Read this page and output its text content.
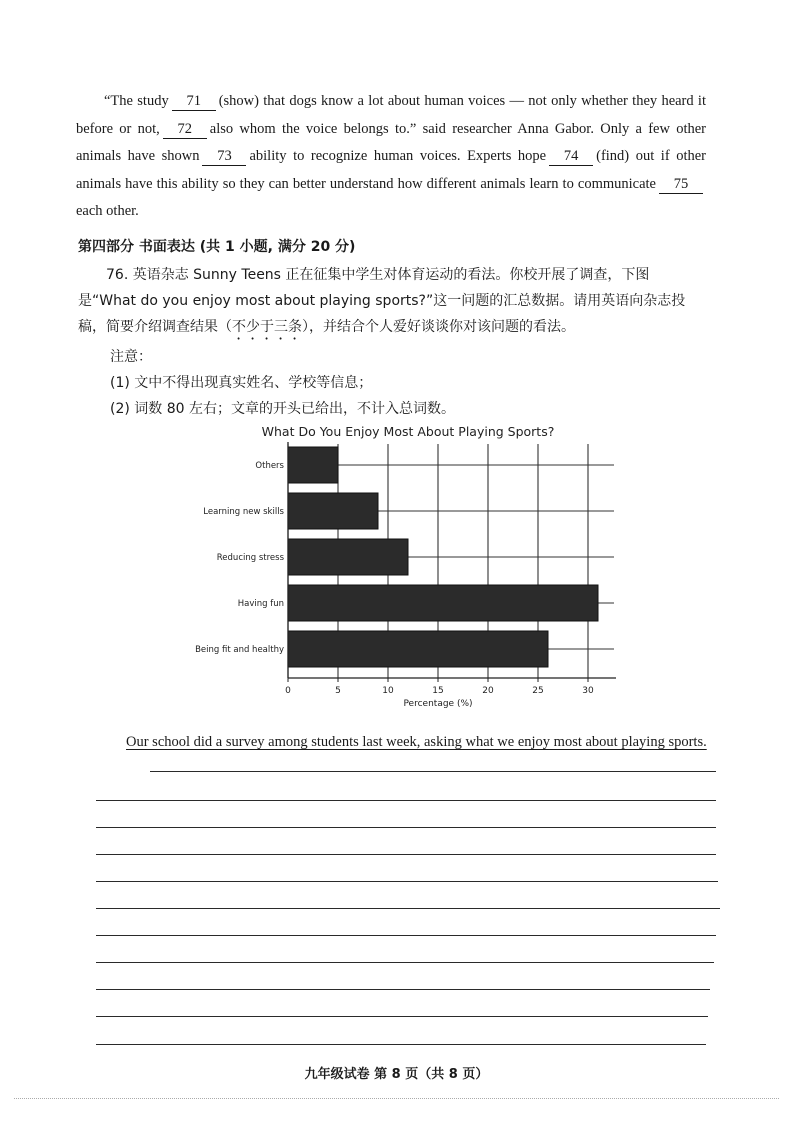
“The study 71 (show) that dogs know a lot about human voices — not only whether they heard it before or not, 72 also whom the voice belongs to.” said researcher Anna Gabor. Only a few other animals have shown 73 ability to recognize human voices. Experts hope 74 (find) out if other animals have this ability so they can better understand how different animals learn to communicate 75each other.
第四部分 书面表达 (共 1 小题, 满分 20 分)
76. 英语杂志 Sunny Teens 正在征集中学生对体育运动的看法。你校开展了调查，下图是“What do you enjoy most about playing sports?”这一问题的汇总数据。请用英语向杂志投稿，简要介绍调查结果（不少于三条），并结合个人爱好谈谈你对该问题的看法。
注意：
(1) 文中不得出现真实姓名、学校等信息；
(2) 词数 80 左右；文章的开头已给出，不计入总词数。
What Do You Enjoy Most About Playing Sports?
0	5	10	15	20	25	30
Others
Learning new skills
Reducing stress
Having fun
Being fit and healthy
Percentage (%)
Our school did a survey among students last week, asking what we enjoy most about playing sports.
九年级试卷 第 8 页（共 8 页）
